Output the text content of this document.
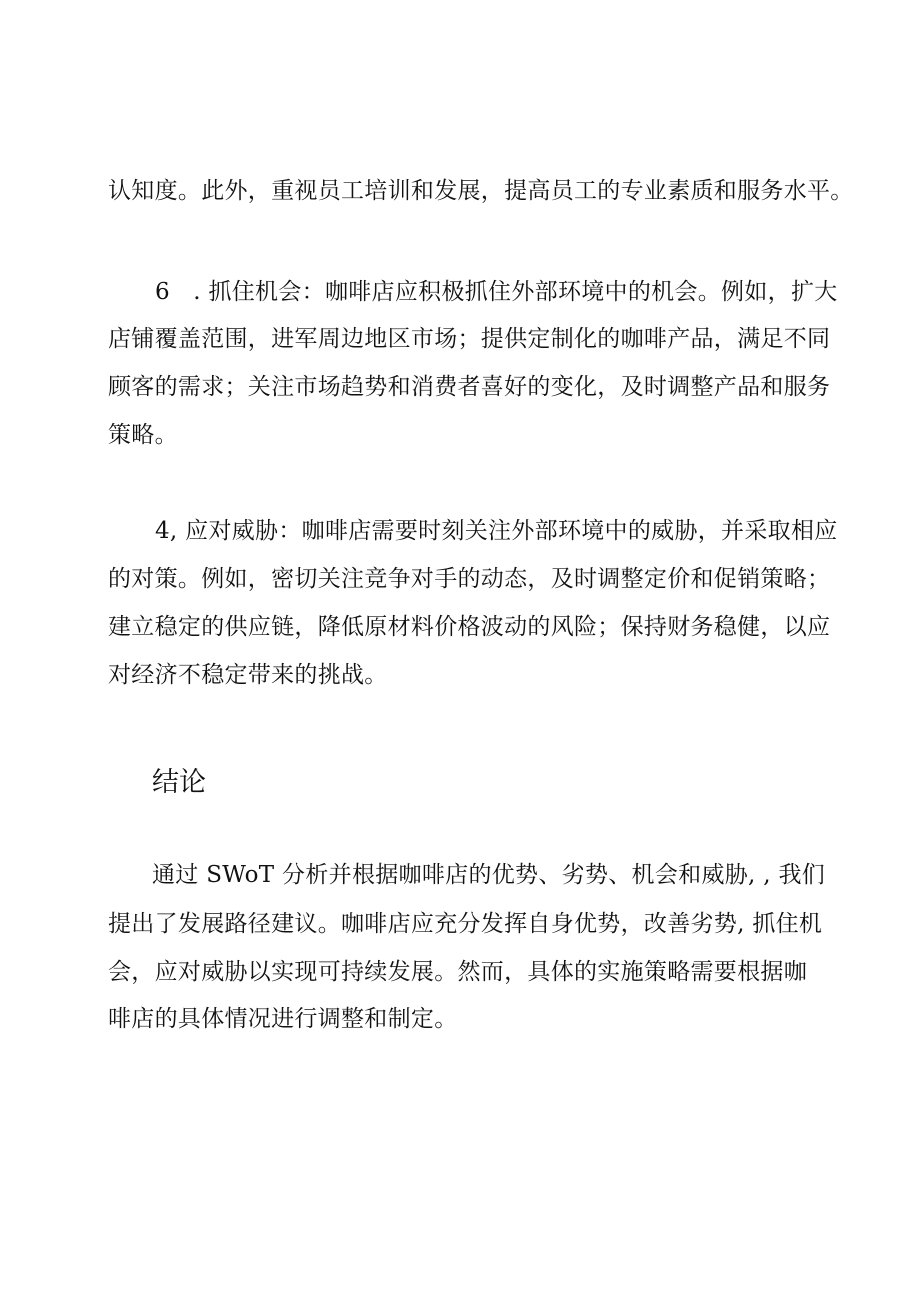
认知度。此外，重视员工培训和发展，提高员工的专业素质和服务水平。
6　. 抓住机会：咖啡店应积极抓住外部环境中的机会。例如，扩大
店铺覆盖范围，进军周边地区市场；提供定制化的咖啡产品，满足不同
顾客的需求；关注市场趋势和消费者喜好的变化，及时调整产品和服务
策略。
4, 应对威胁：咖啡店需要时刻关注外部环境中的威胁，并采取相应
的对策。例如，密切关注竞争对手的动态，及时调整定价和促销策略；
建立稳定的供应链，降低原材料价格波动的风险；保持财务稳健，以应
对经济不稳定带来的挑战。
结论
通过 SWoT 分析并根据咖啡店的优势、劣势、机会和威胁, , 我们
提出了发展路径建议。咖啡店应充分发挥自身优势，改善劣势, 抓住机
会，应对威胁以实现可持续发展。然而，具体的实施策略需要根据咖
啡店的具体情况进行调整和制定。
